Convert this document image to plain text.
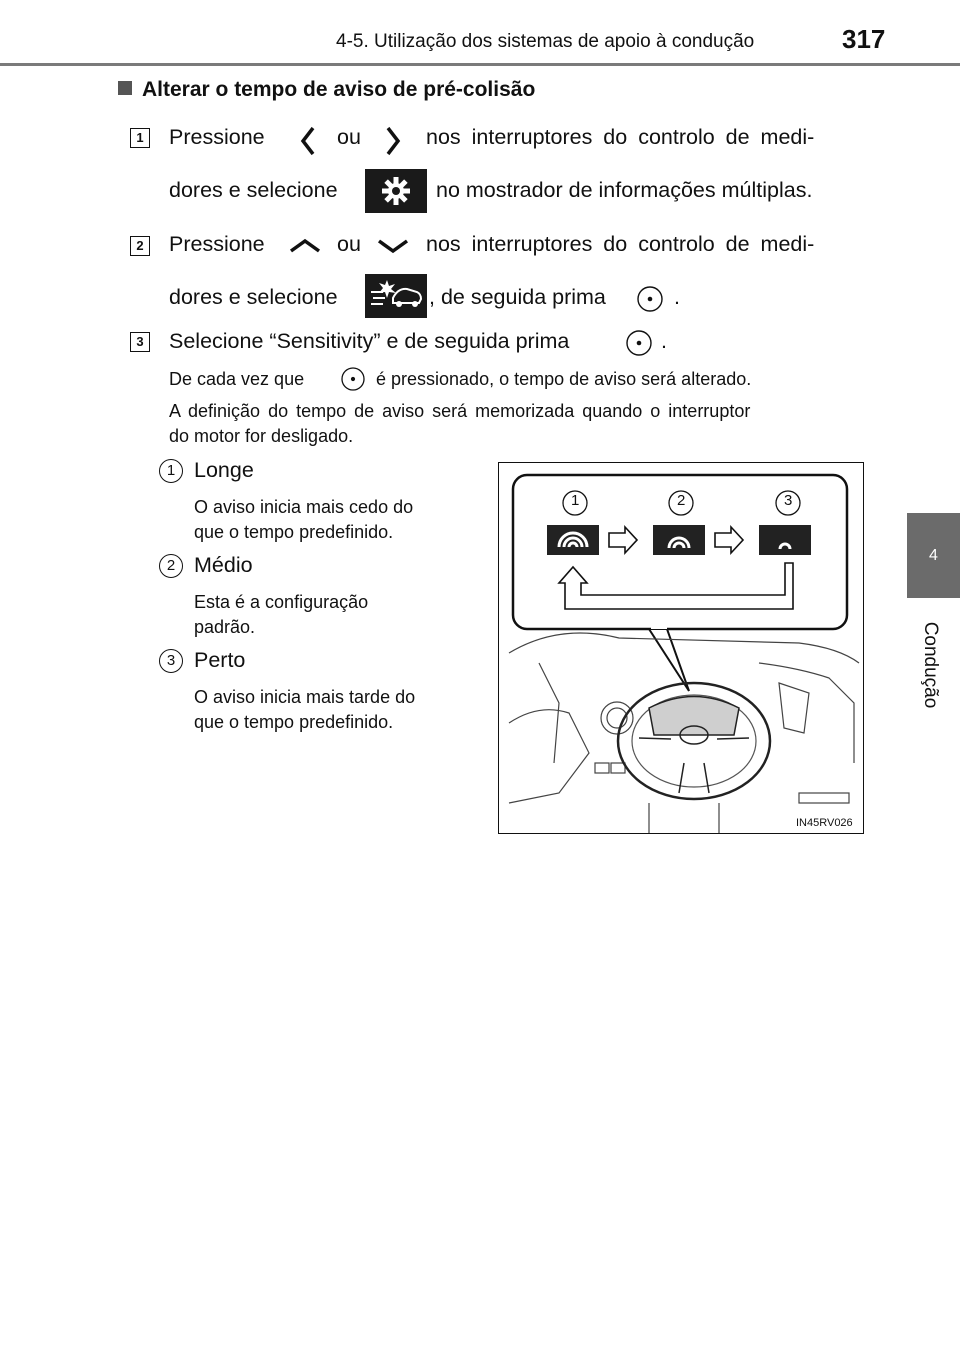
4-5. Utilização dos sistemas de apoio à condução	317
4
Condução
Alterar o tempo de aviso de pré-colisão
1 Pressione	ou	nos interruptores do controlo de medi-
dores e selecione	no mostrador de informações múltiplas.
2 Pressione	ou	nos interruptores do controlo de medi-
dores e selecione	, de seguida prima	.
3 Selecione “Sensitivity” e de seguida prima	.
De cada vez que	é pressionado, o tempo de aviso será alterado.
A definição do tempo de aviso será memorizada quando o interruptor
do motor for desligado.
1 Longe
O aviso inicia mais cedo do
que o tempo predefinido.
2 Médio
Esta é a configuração
padrão.
3 Perto
O aviso inicia mais tarde do
que o tempo predefinido.
1	2	3
IN45RV026
